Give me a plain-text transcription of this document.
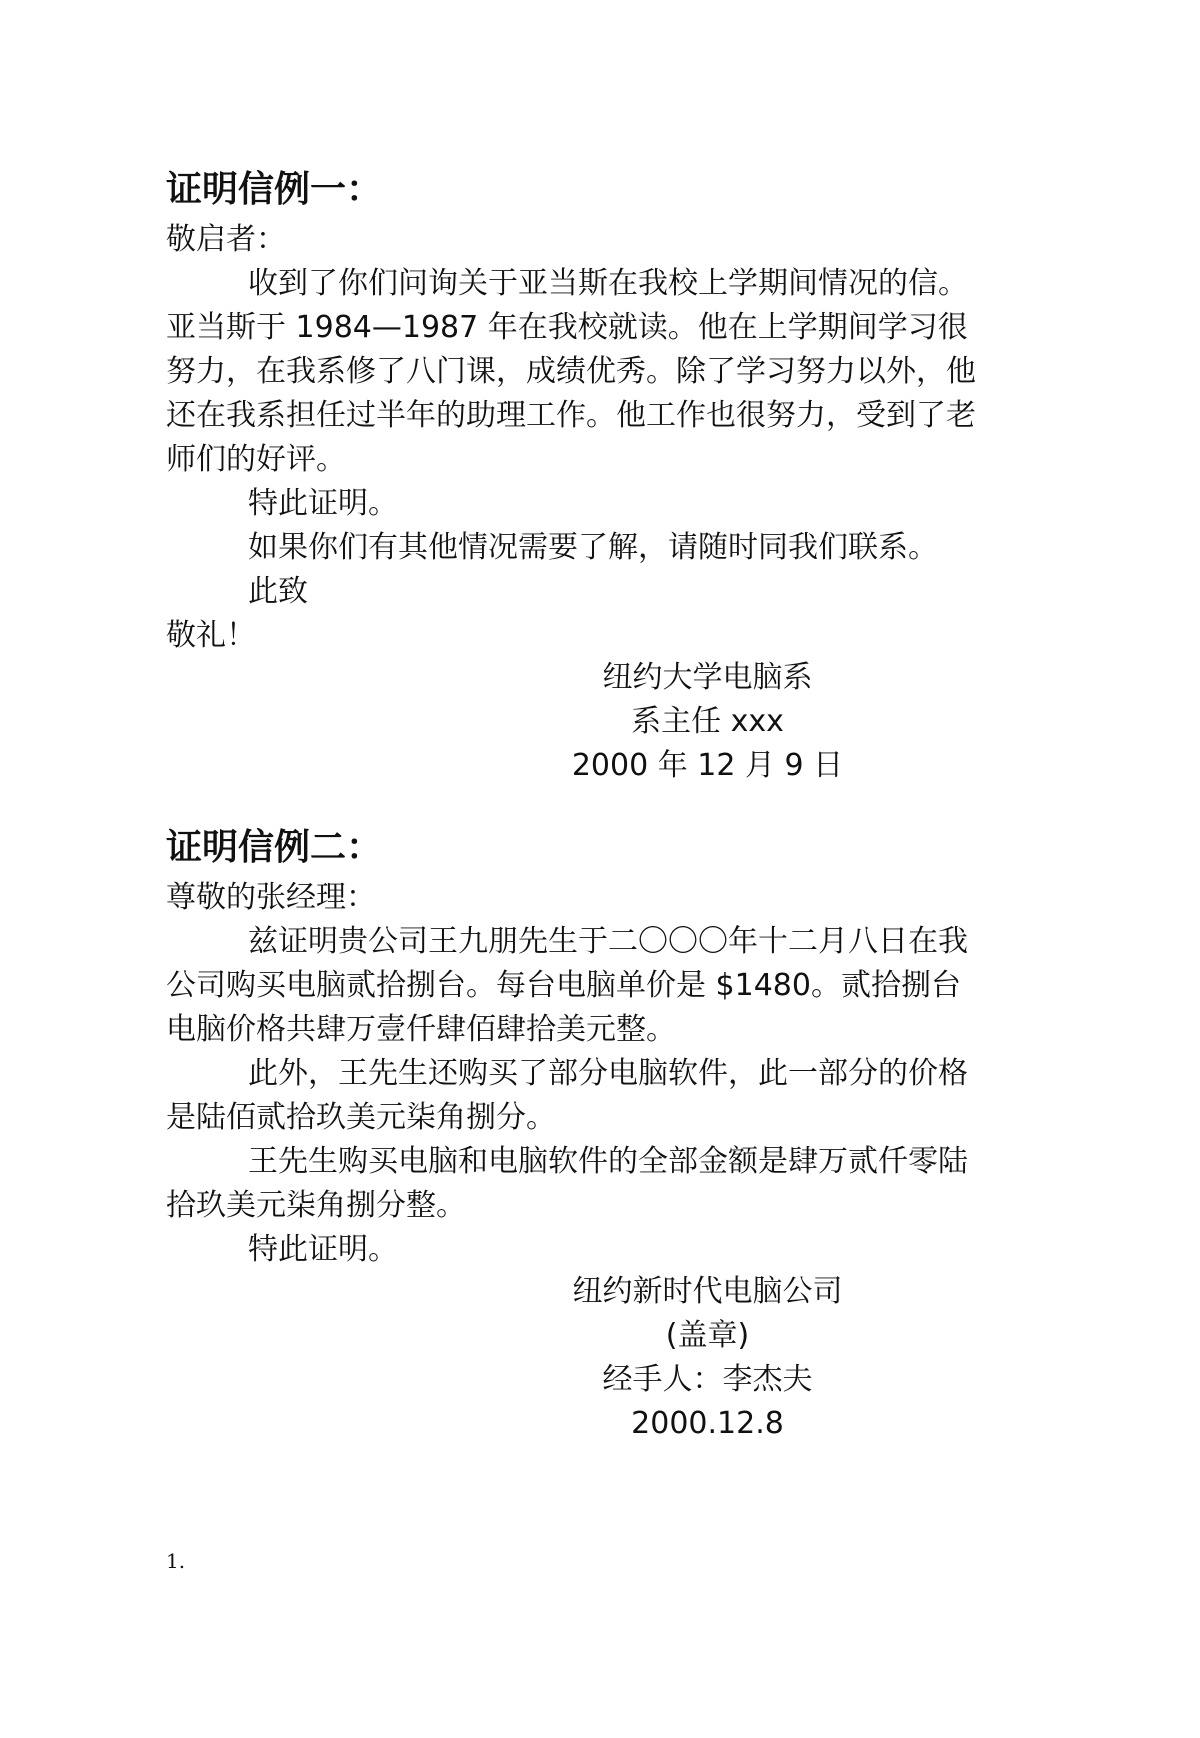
证明信例一：

敬启者：

收到了你们问询关于亚当斯在我校上学期间情况的信。

亚当斯于 1984—1987 年在我校就读。他在上学期间学习很

努力，在我系修了八门课，成绩优秀。除了学习努力以外，他

还在我系担任过半年的助理工作。他工作也很努力，受到了老

师们的好评。

特此证明。

如果你们有其他情况需要了解，请随时同我们联系。

此致

敬礼！

纽约大学电脑系

系主任 xxx

2000 年 12 月 9 日

证明信例二：

尊敬的张经理：

兹证明贵公司王九朋先生于二〇〇〇年十二月八日在我

公司购买电脑贰拾捌台。每台电脑单价是 $1480。贰拾捌台

电脑价格共肆万壹仟肆佰肆拾美元整。

此外，王先生还购买了部分电脑软件，此一部分的价格

是陆佰贰拾玖美元柒角捌分。

王先生购买电脑和电脑软件的全部金额是肆万贰仟零陆

拾玖美元柒角捌分整。

特此证明。

纽约新时代电脑公司

(盖章)

经手人：李杰夫

2000.12.8

1.
